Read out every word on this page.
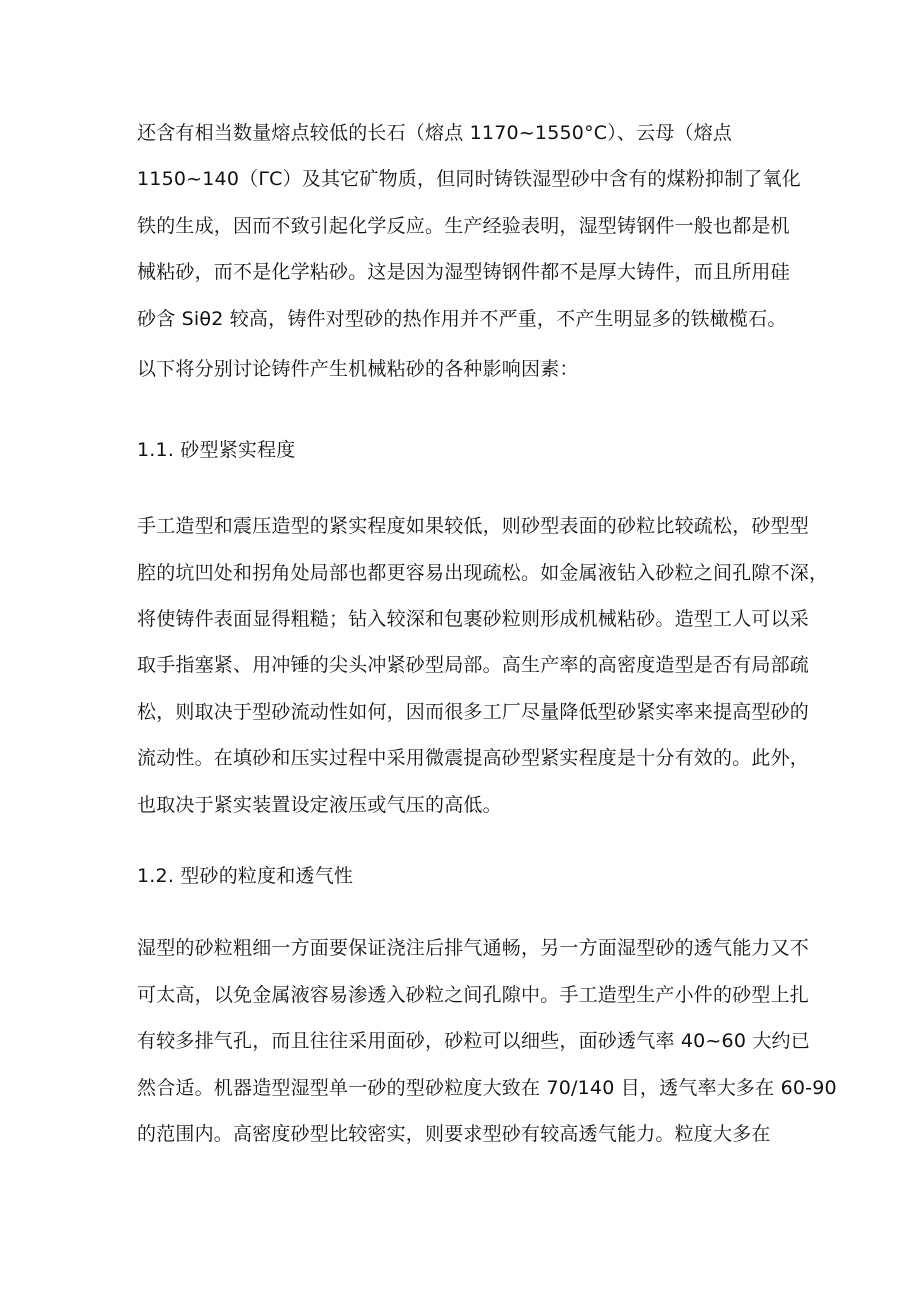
还含有相当数量熔点较低的长石（熔点 1170~1550°C）、云母（熔点
1150~140（ΓC）及其它矿物质，但同时铸铁湿型砂中含有的煤粉抑制了氧化
铁的生成，因而不致引起化学反应。生产经验表明，湿型铸钢件一般也都是机
械粘砂，而不是化学粘砂。这是因为湿型铸钢件都不是厚大铸件，而且所用硅
砂含 Siθ2 较高，铸件对型砂的热作用并不严重，不产生明显多的铁橄榄石。
以下将分别讨论铸件产生机械粘砂的各种影响因素：
1.1. 砂型紧实程度
手工造型和震压造型的紧实程度如果较低，则砂型表面的砂粒比较疏松，砂型型
腔的坑凹处和拐角处局部也都更容易出现疏松。如金属液钻入砂粒之间孔隙不深，
将使铸件表面显得粗糙；钻入较深和包裹砂粒则形成机械粘砂。造型工人可以采
取手指塞紧、用冲锤的尖头冲紧砂型局部。高生产率的高密度造型是否有局部疏
松，则取决于型砂流动性如何，因而很多工厂尽量降低型砂紧实率来提高型砂的
流动性。在填砂和压实过程中采用微震提高砂型紧实程度是十分有效的。此外，
也取决于紧实装置设定液压或气压的高低。
1.2. 型砂的粒度和透气性
湿型的砂粒粗细一方面要保证浇注后排气通畅，另一方面湿型砂的透气能力又不
可太高，以免金属液容易渗透入砂粒之间孔隙中。手工造型生产小件的砂型上扎
有较多排气孔，而且往往采用面砂，砂粒可以细些，面砂透气率 40~60 大约已
然合适。机器造型湿型单一砂的型砂粒度大致在 70/140 目，透气率大多在 60-90
的范围内。高密度砂型比较密实，则要求型砂有较高透气能力。粒度大多在
